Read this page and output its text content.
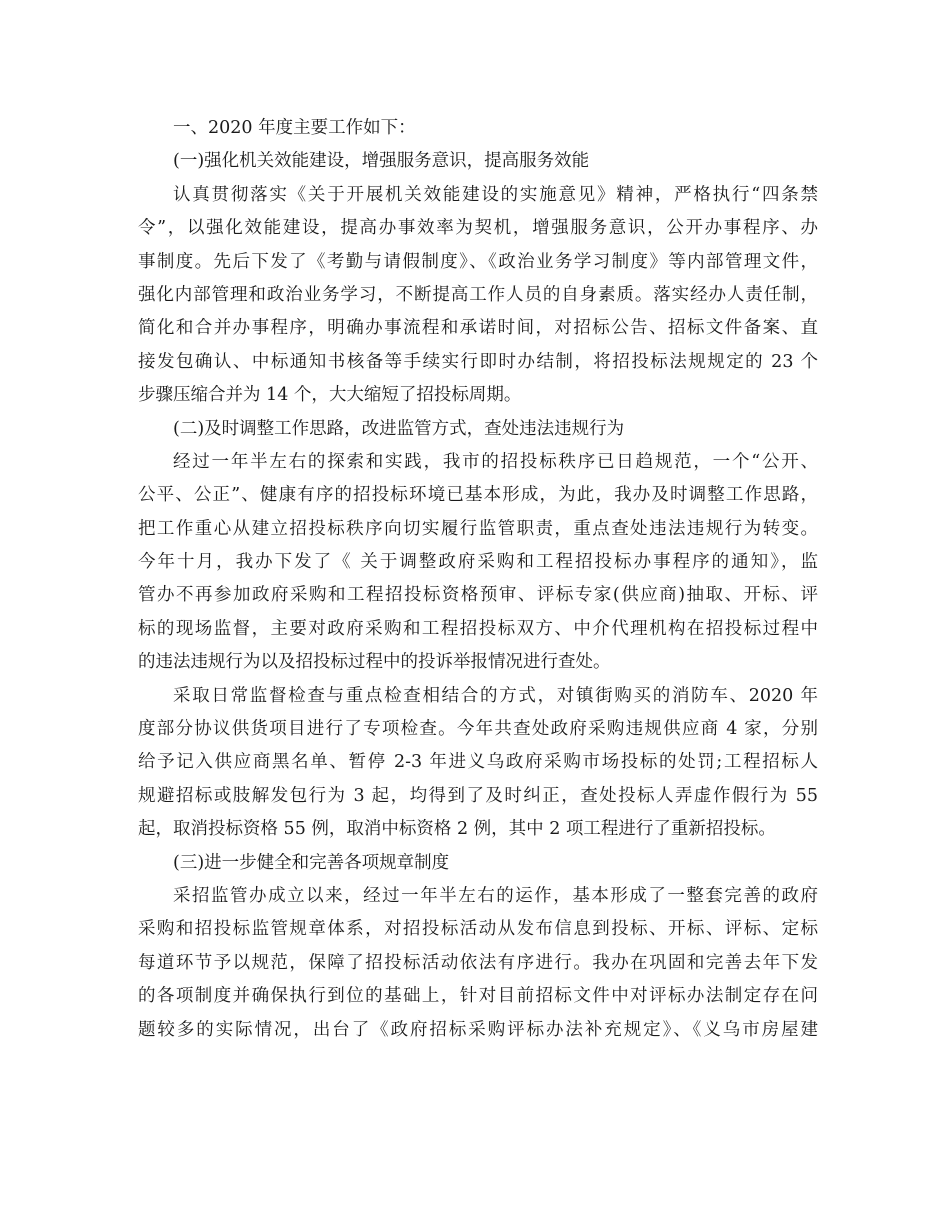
一、2020 年度主要工作如下：
(一)强化机关效能建设，增强服务意识，提高服务效能
认真贯彻落实《关于开展机关效能建设的实施意见》精神，严格执行“四条禁
令”，以强化效能建设，提高办事效率为契机，增强服务意识，公开办事程序、办
事制度。先后下发了《考勤与请假制度》、《政治业务学习制度》等内部管理文件，
强化内部管理和政治业务学习，不断提高工作人员的自身素质。落实经办人责任制，
简化和合并办事程序，明确办事流程和承诺时间，对招标公告、招标文件备案、直
接发包确认、中标通知书核备等手续实行即时办结制，将招投标法规规定的 23 个
步骤压缩合并为 14 个，大大缩短了招投标周期。
(二)及时调整工作思路，改进监管方式，查处违法违规行为
经过一年半左右的探索和实践，我市的招投标秩序已日趋规范，一个“公开、
公平、公正”、健康有序的招投标环境已基本形成，为此，我办及时调整工作思路，
把工作重心从建立招投标秩序向切实履行监管职责，重点查处违法违规行为转变。
今年十月，我办下发了《 关于调整政府采购和工程招投标办事程序的通知》，监
管办不再参加政府采购和工程招投标资格预审、评标专家(供应商)抽取、开标、评
标的现场监督，主要对政府采购和工程招投标双方、中介代理机构在招投标过程中
的违法违规行为以及招投标过程中的投诉举报情况进行查处。
采取日常监督检查与重点检查相结合的方式，对镇街购买的消防车、2020 年
度部分协议供货项目进行了专项检查。今年共查处政府采购违规供应商 4 家，分别
给予记入供应商黑名单、暂停 2-3 年进义乌政府采购市场投标的处罚;工程招标人
规避招标或肢解发包行为 3 起，均得到了及时纠正，查处投标人弄虚作假行为 55
起，取消投标资格 55 例，取消中标资格 2 例，其中 2 项工程进行了重新招投标。
(三)进一步健全和完善各项规章制度
采招监管办成立以来，经过一年半左右的运作，基本形成了一整套完善的政府
采购和招投标监管规章体系，对招投标活动从发布信息到投标、开标、评标、定标
每道环节予以规范，保障了招投标活动依法有序进行。我办在巩固和完善去年下发
的各项制度并确保执行到位的基础上，针对目前招标文件中对评标办法制定存在问
题较多的实际情况，出台了《政府招标采购评标办法补充规定》、《义乌市房屋建
